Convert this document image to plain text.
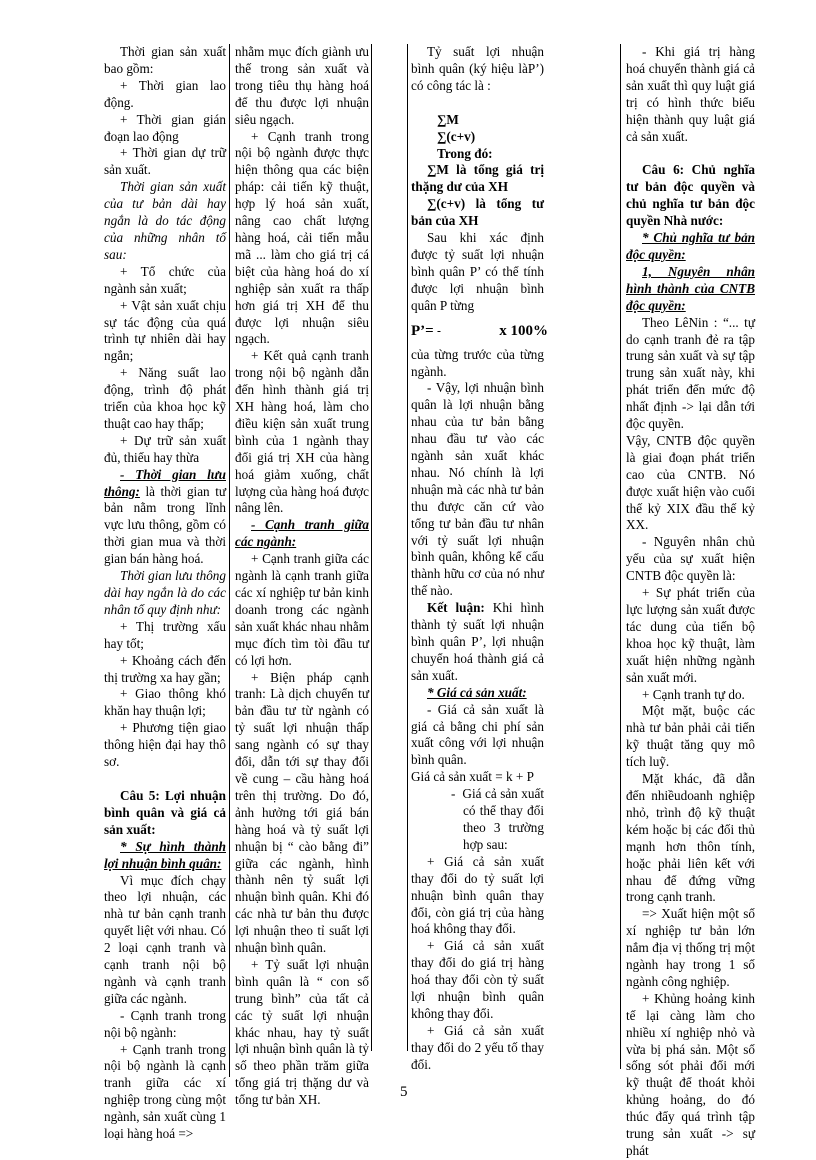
Thời gian sản xuất bao gồm:

+ Thời gian lao động.

+ Thời gian gián đoạn lao động

+ Thời gian dự trữ sản xuất.

Thời gian sản xuất của tư bản dài hay ngắn là do tác động của những nhân tố sau:

+ Tổ chức của ngành sản xuất;

+ Vật sản xuất chịu sự tác động của quá trình tự nhiên dài hay ngắn;

+ Năng suất lao động, trình độ phát triển của khoa học kỹ thuật cao hay thấp;

+ Dự trữ sản xuất đủ, thiếu hay thừa

- Thời gian lưu thông: là thời gian tư bản nằm trong lĩnh vực lưu thông, gồm có thời gian mua và thời gian bán hàng hoá.

Thời gian lưu thông dài hay ngắn là do các nhân tố quy định như:

+ Thị trường xấu hay tốt;

+ Khoảng cách đến thị trường xa hay gần;

+ Giao thông khó khăn hay thuận lợi;

+ Phương tiện giao thông hiện đại hay thô sơ.

Câu 5: Lợi nhuận bình quân và giá cả sản xuất:

* Sự hình thành lợi nhuận bình quân:

Vì mục đích chạy theo lợi nhuận, các nhà tư bản cạnh tranh quyết liệt với nhau. Có 2 loại cạnh tranh và cạnh tranh nội bộ ngành và cạnh tranh giữa các ngành.

- Cạnh tranh trong nội bộ ngành:

+ Cạnh tranh trong nội bộ ngành là cạnh tranh giữa các xí nghiệp trong cùng một ngành, sản xuất cùng 1 loại hàng hoá =>

nhằm mục đích giành ưu thế trong sản xuất và trong tiêu thụ hàng hoá để thu được lợi nhuận siêu ngạch.

+ Cạnh tranh trong nội bộ ngành được thực hiện thông qua các biện pháp: cải tiến kỹ thuật, hợp lý hoá sản xuất, nâng cao chất lượng hàng hoá, cải tiến mẫu mã ... làm cho giá trị cá biệt của hàng hoá do xí nghiệp sản xuất ra thấp hơn giá trị XH để thu được lợi nhuận siêu ngạch.

+ Kết quả cạnh tranh trong nội bộ ngành dẫn đến hình thành giá trị XH hàng hoá, làm cho điều kiện sản xuất trung bình của 1 ngành thay đổi giá trị XH của hàng hoá giảm xuống, chất lượng của hàng hoá được nâng lên.

- Cạnh tranh giữa các ngành:

+ Cạnh tranh giữa các ngành là cạnh tranh giữa các xí nghiệp tư bản kinh doanh trong các ngành sản xuất khác nhau nhằm mục đích tìm tòi đầu tư có lợi hơn.

+ Biện pháp cạnh tranh: Là dịch chuyển tư bản đầu tư từ ngành có tỷ suất lợi nhuận thấp sang ngành có sự thay đổi, dẫn tới sự thay đổi về cung – cầu hàng hoá trên thị trường. Do đó, ảnh hưởng tới giá bán hàng hoá và tỷ suất lợi nhuận bị “ cào bằng đi” giữa các ngành, hình thành nên tỷ suất lợi nhuận bình quân. Khi đó các nhà tư bản thu được lợi nhuận theo tỉ suất lợi nhuận bình quân.

+ Tỷ suất lợi nhuận bình quân là “ con số trung bình” của tất cả các tỷ suất lợi nhuận khác nhau, hay tỷ suất lợi nhuận bình quân là tỷ số theo phần trăm giữa tổng giá trị thặng dư và tổng tư bản XH.

Tỷ suất lợi nhuận bình quân (ký hiệu làP’) có công tác là :

∑M

∑(c+v)

Trong đó:

∑M là tổng giá trị thặng dư của XH

∑(c+v) là tổng tư bản của XH

Sau khi xác định được tỷ suất lợi nhuận bình quân P’ có thể tính được lợi nhuận bình quân P từng

P’=	x 100%

của từng trước của từng ngành.

- Vậy, lợi nhuận bình quân là lợi nhuận bằng nhau của tư bản bằng nhau đầu tư vào các ngành sản xuất khác nhau. Nó chính là lợi nhuận mà các nhà tư bản thu được căn cứ vào tổng tư bản đầu tư nhân với tỷ suất lợi nhuận bình quân, không kể cấu thành hữu cơ của nó như thế nào.

Kết luận: Khi hình thành tỷ suất lợi nhuận bình quân P’, lợi nhuận chuyển hoá thành giá cả sản xuất.

* Giá cả sản xuất:

- Giá cả sản xuất là giá cả bằng chi phí sản xuất công với lợi nhuận bình quân.

Giá cả sản xuất = k + P

-  Giá cả sản xuất có thể thay đổi theo 3 trường hợp sau:

+ Giá cả sản xuất thay đổi do tỷ suất lợi nhuận bình quân thay đổi, còn giá trị của hàng hoá không thay đổi.

+ Giá cả sản xuất thay đổi do giá trị hàng hoá thay đổi còn tỷ suất lợi nhuận bình quân không thay đổi.

+ Giá cả sản xuất thay đổi do 2 yếu tố thay đổi.

- Khi giá trị hàng hoá chuyển thành giá cả sản xuất thì quy luật giá trị có hình thức biểu hiện thành quy luật giá cả sản xuất.

Câu 6: Chủ nghĩa tư bản độc quyền và chủ nghĩa tư bản độc quyền Nhà nước:

* Chủ nghĩa tư bản độc quyền:

1, Nguyên nhân hình thành của CNTB độc quyền:

Theo LêNin : “... tự do cạnh tranh đẻ ra tập trung sản xuất và sự tập trung sản xuất này, khi phát triển đến mức độ nhất định -> lại dẫn tới độc quyền.

Vậy, CNTB độc quyền là giai đoạn phát triển cao của CNTB. Nó được xuất hiện vào cuối thế kỷ XIX đầu thế kỷ XX.

- Nguyên nhân chủ yếu của sự xuất hiện CNTB độc quyền là:

+ Sự phát triển của lực lượng sản xuất được tác dung của tiến bộ khoa học kỹ thuật, làm xuất hiện những ngành sản xuất mới.

+ Cạnh tranh tự do.

Một mặt, buộc các nhà tư bản phải cải tiến kỹ thuật tăng quy mô tích luỹ.

Mặt khác, đã dẫn đến nhiềudoanh nghiệp nhỏ, trình độ kỹ thuật kém hoặc bị các đối thủ mạnh hơn thôn tính, hoặc phải liên kết với nhau để đứng vững trong cạnh tranh.

=> Xuất hiện một số xí nghiệp tư bản lớn nắm địa vị thống trị một ngành hay trong 1 số ngành công nghiệp.

+ Khủng hoảng kinh tế lại càng làm cho nhiều xí nghiệp nhỏ và vừa bị phá sản. Một số sống sót phải đổi mới kỹ thuật để thoát khỏi khủng hoảng, do đó thúc đẩy quá trình tập trung sản xuất -> sự phát

5
